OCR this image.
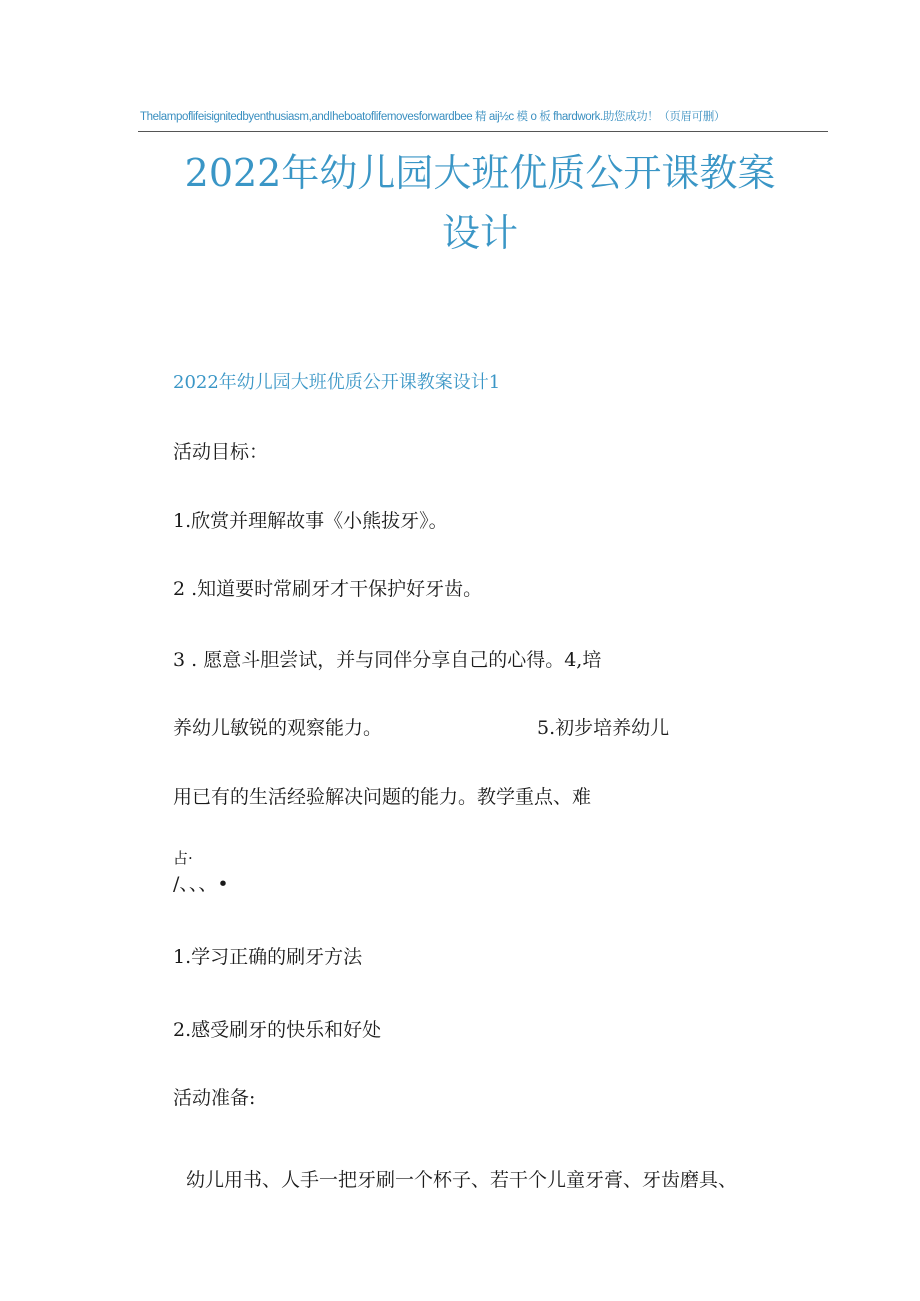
Thelampoflifeisignitedbyenthusiasm,andIheboatoflifemovesforwardbee 精 aij½c 模 o 板 fhardwork.助您成功！（页眉可删）
2022年幼儿园大班优质公开课教案
设计
2022年幼儿园大班优质公开课教案设计1
活动目标：
1.欣赏并理解故事《小熊拔牙》。
2 .知道要时常刷牙才干保护好牙齿。
3 . 愿意斗胆尝试，并与同伴分享自己的心得。4,培
养幼儿敏锐的观察能力。	5.初步培养幼儿
用已有的生活经验解决问题的能力。教学重点、难
占·
/、、、•
1.学习正确的刷牙方法
2.感受刷牙的快乐和好处
活动准备:
幼儿用书、人手一把牙刷一个杯子、若干个儿童牙膏、牙齿磨具、
